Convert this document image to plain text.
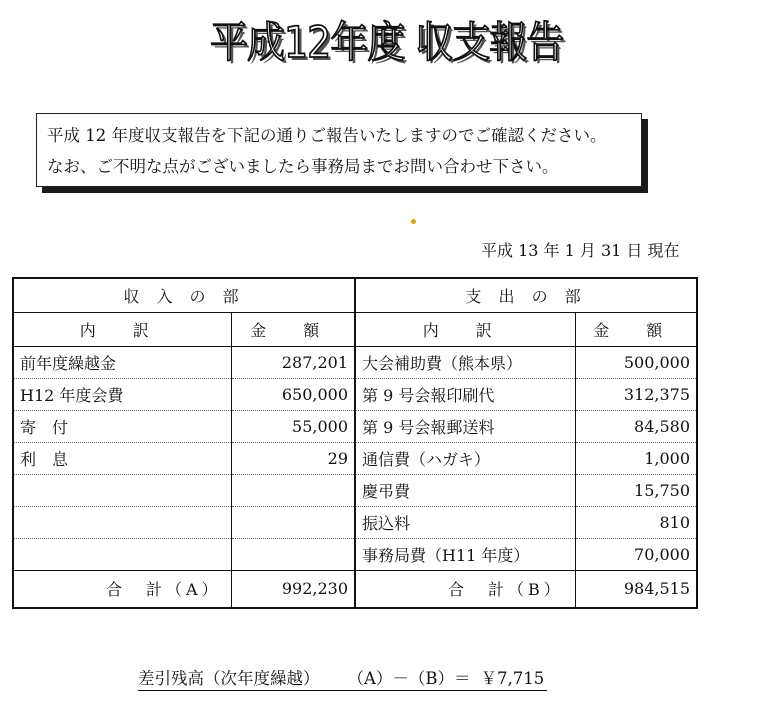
平成12年度 収支報告
平成 12 年度収支報告を下記の通りご報告いたしますのでご確認ください。
なお、ご不明な点がございましたら事務局までお問い合わせ下さい。
平成 13 年 1 月 31 日 現在
収 入 の 部		支 出 の 部	
内 訳	金 額	内 訳	金 額
前年度繰越金	287,201	大会補助費（熊本県）	500,000
H12 年度会費	650,000	第 9 号会報印刷代	312,375
寄　付	55,000	第 9 号会報郵送料	84,580
利　息	29	通信費（ハガキ）	1,000
		慶弔費	15,750
		振込料	810
		事務局費（H11 年度）	70,000
合　計（A）	992,230	合　計（B）	984,515
差引残高（次年度繰越） （A）－（B）＝ ￥7,715
